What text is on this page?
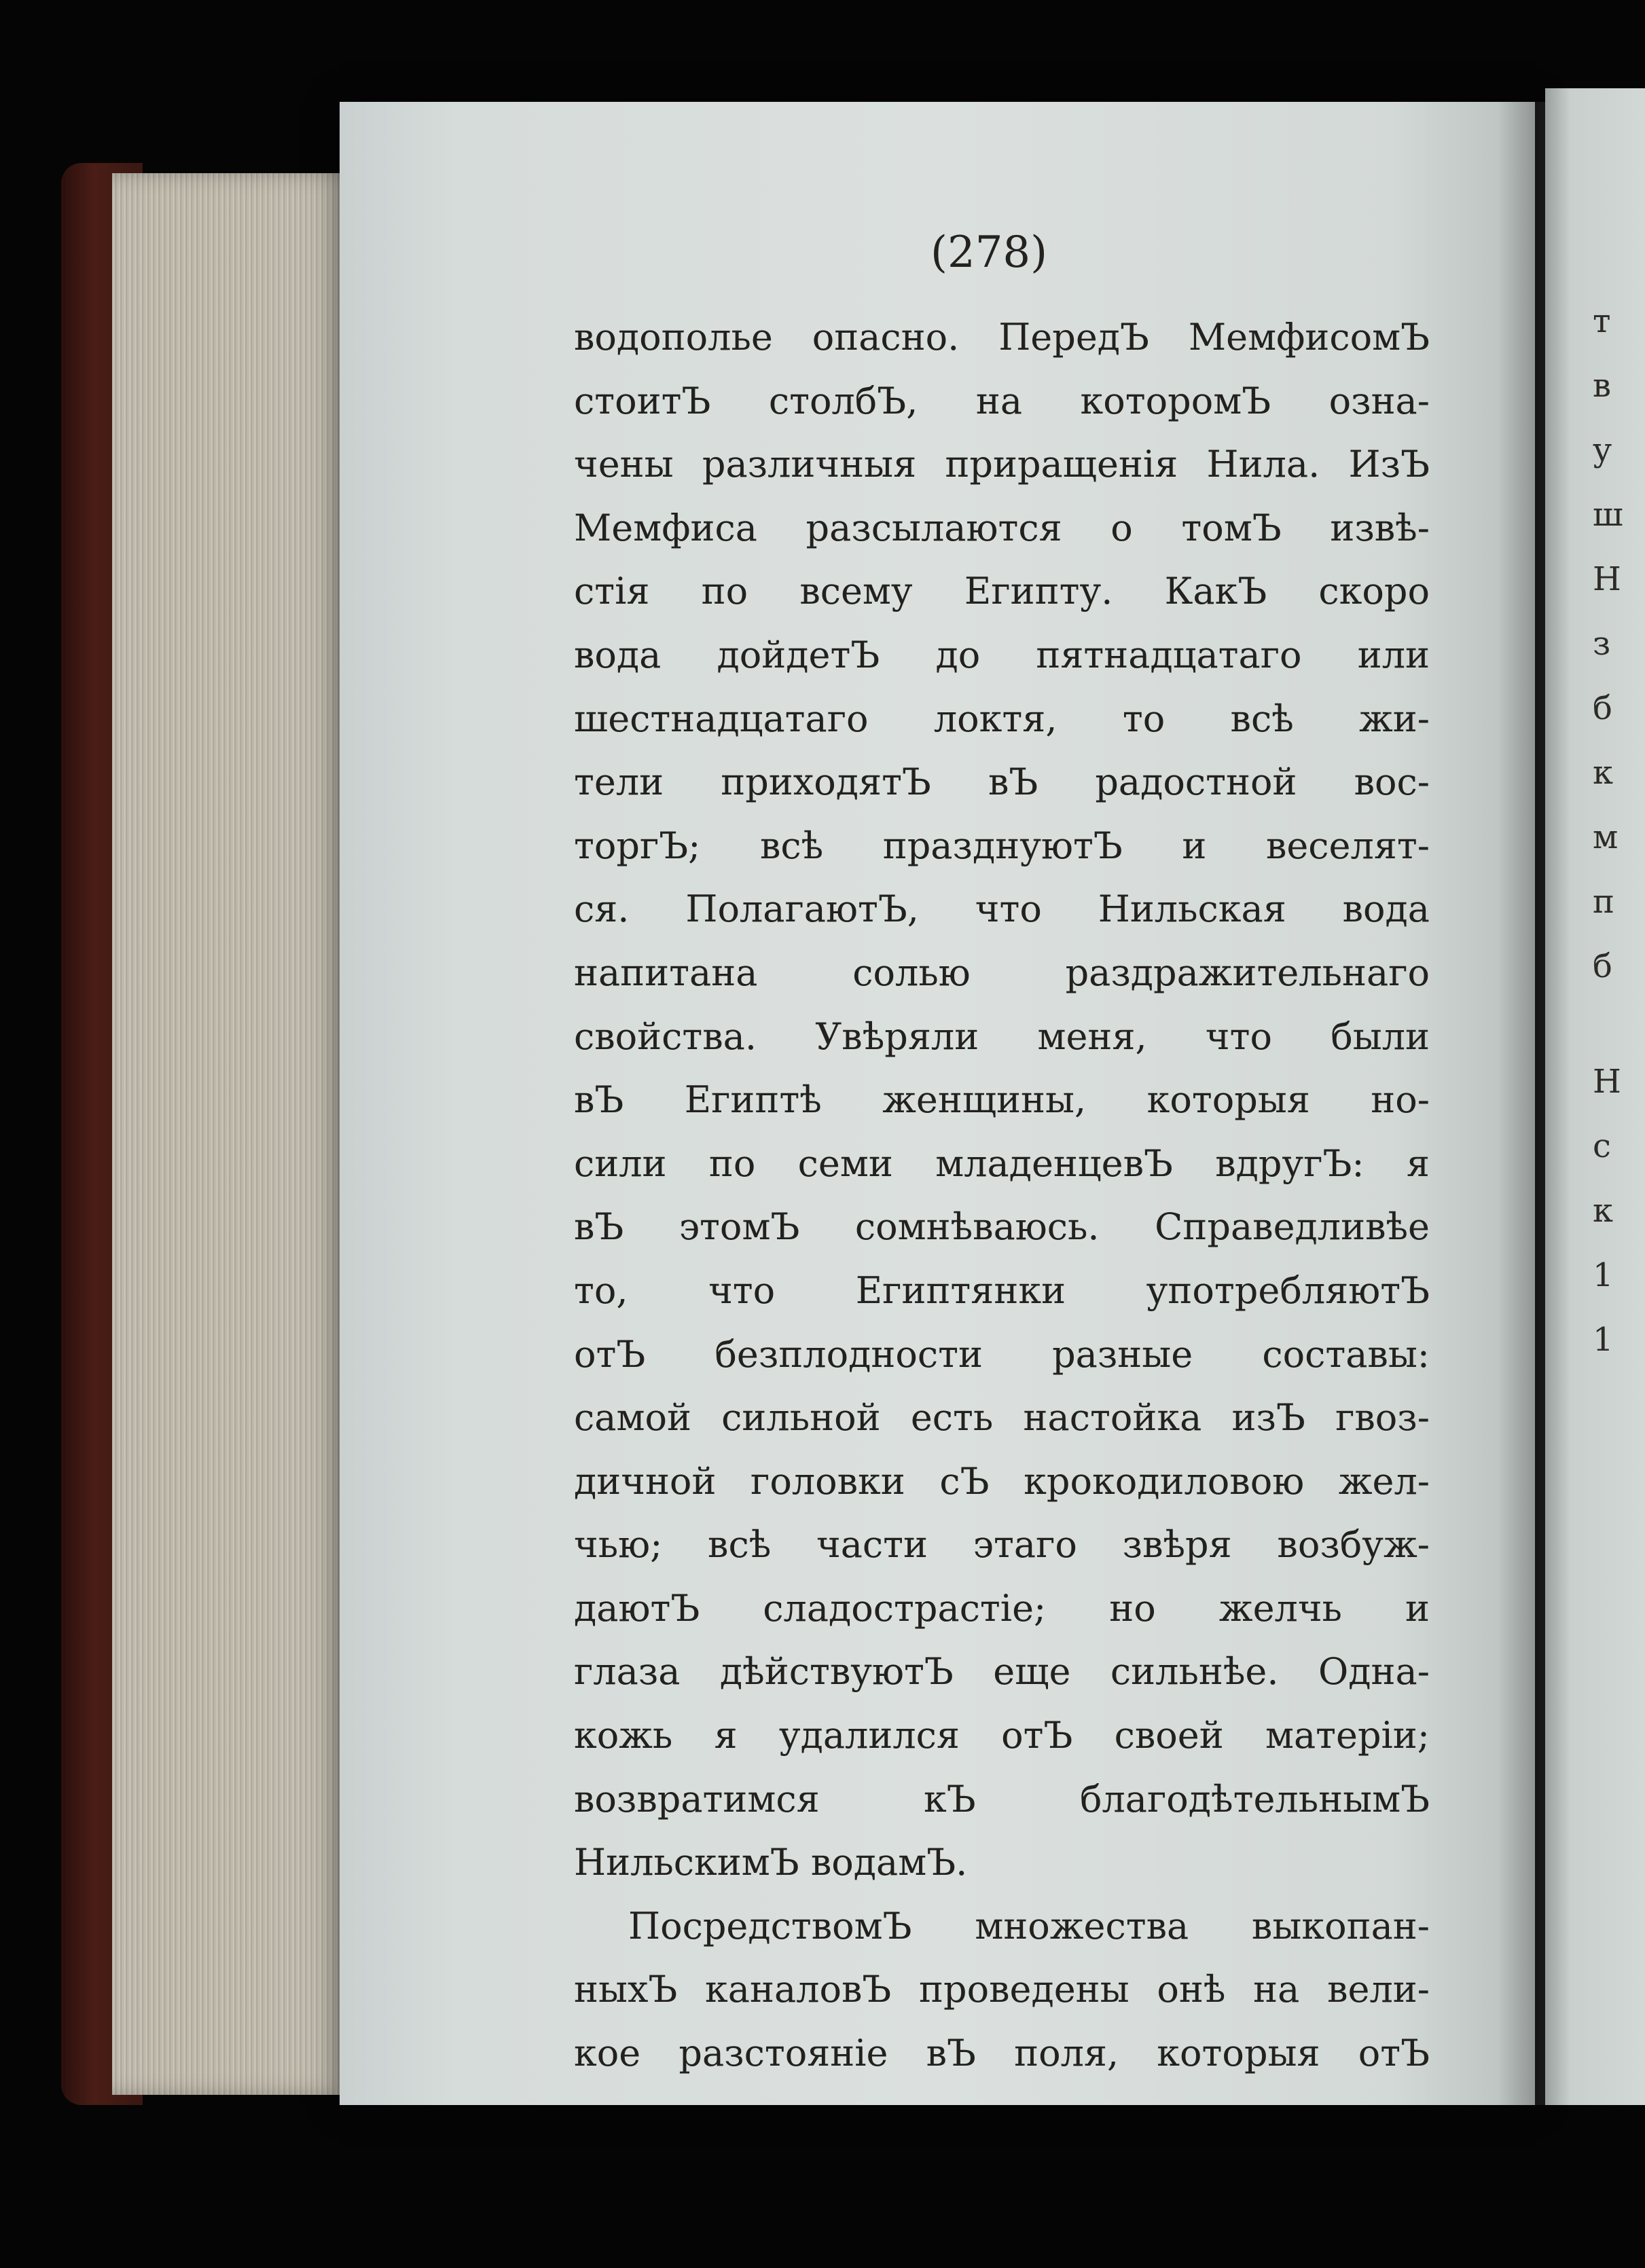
т
в
у
ш
Н
з
б
к
м
п
б
Н
с
к
1
1
(278)
водополье опасно. ПередЪ МемфисомЪ
стоитЪ столбЪ, на которомЪ озна-
чены различныя приращенія Нила. ИзЪ
Мемфиса разсылаются о томЪ извѣ-
стія по всему Египту. КакЪ скоро
вода дойдетЪ до пятнадцатаго или
шестнадцатаго локтя, то всѣ жи-
тели приходятЪ вЪ радостной вос-
торгЪ; всѣ празднуютЪ и веселят-
ся. ПолагаютЪ, что Нильская вода
напитана солью раздражительнаго
свойства. Увѣряли меня, что были
вЪ Египтѣ женщины, которыя но-
сили по семи младенцевЪ вдругЪ: я
вЪ этомЪ сомнѣваюсь. Справедливѣе
то, что Египтянки употребляютЪ
отЪ безплодности разные составы:
самой сильной есть настойка изЪ гвоз-
дичной головки сЪ крокодиловою жел-
чью; всѣ части этаго звѣря возбуж-
даютЪ сладострастіе; но желчь и
глаза дѣйствуютЪ еще сильнѣе. Одна-
кожь я удалился отЪ своей матеріи;
возвратимся кЪ благодѣтельнымЪ
НильскимЪ водамЪ.
ПосредствомЪ множества выкопан-
ныхЪ каналовЪ проведены онѣ на вели-
кое разстояніе вЪ поля, которыя отЪ
